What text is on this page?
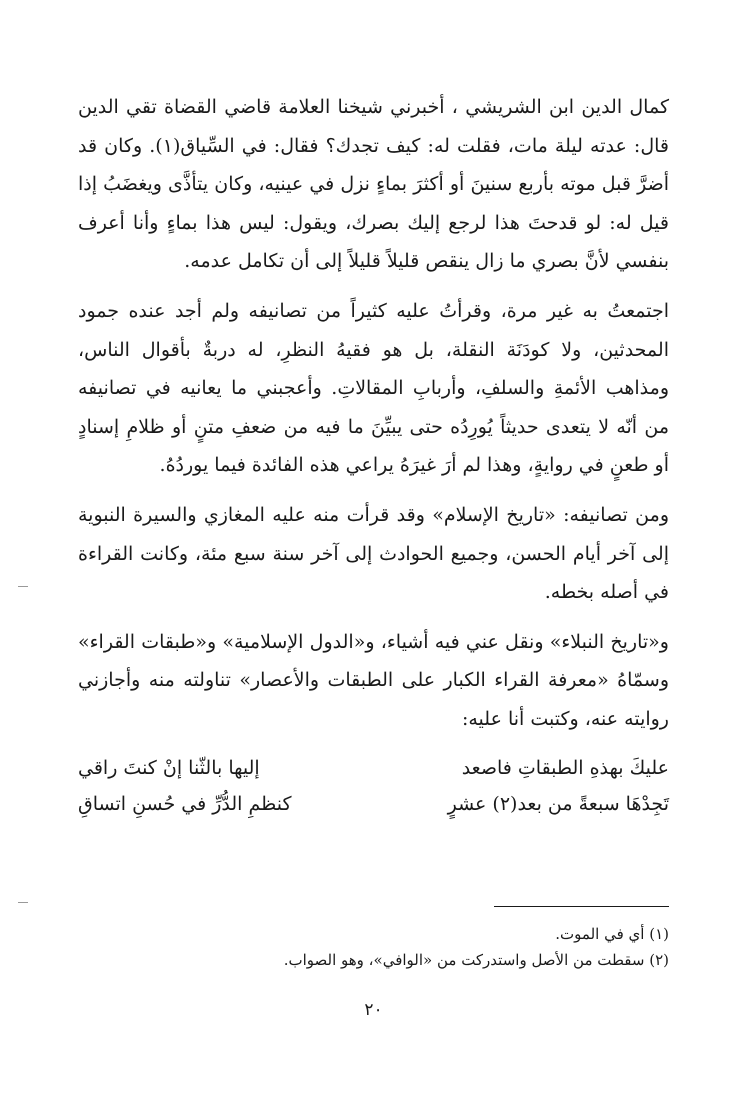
كمال الدين ابن الشريشي ، أخبرني شيخنا العلامة قاضي القضاة تقي الدين قال: عدته ليلة مات، فقلت له: كيف تجدك؟ فقال: في السِّياق(١). وكان قد أضرَّ قبل موته بأربع سنينَ أو أكثرَ بماءٍ نزل في عينيه، وكان يتأذَّى ويغضَبُ إذا قيل له: لو قدحتَ هذا لرجع إليك بصرك، ويقول: ليس هذا بماءٍ وأنا أعرف بنفسي لأنَّ بصري ما زال ينقص قليلاً قليلاً إلى أن تكامل عدمه.

اجتمعتُ به غير مرة، وقرأتُ عليه كثيراً من تصانيفه ولم أجد عنده جمود المحدثين، ولا كودَنَة النقلة، بل هو فقيهُ النظرِ، له دربةٌ بأقوال الناس، ومذاهب الأئمةِ والسلفِ، وأربابِ المقالاتِ. وأعجبني ما يعانيه في تصانيفه من أنّه لا يتعدى حديثاً يُورِدُه حتى يبيِّنَ ما فيه من ضعفِ متنٍ أو ظلامِ إسنادٍ أو طعنٍ في روايةٍ، وهذا لم أرَ غيرَهُ يراعي هذه الفائدة فيما يوردُهُ.

ومن تصانيفه: «تاريخ الإسلام» وقد قرأت منه عليه المغازي والسيرة النبوية إلى آخر أيام الحسن، وجميع الحوادث إلى آخر سنة سبع مئة، وكانت القراءة في أصله بخطه.

و«تاريخ النبلاء» ونقل عني فيه أشياء، و«الدول الإسلامية» و«طبقات القراء» وسمّاهُ «معرفة القراء الكبار على الطبقات والأعصار» تناولته منه وأجازني روايته عنه، وكتبت أنا عليه:

عليكَ بهذهِ الطبقاتِ فاصعد
إليها بالثّنا إنْ كنتَ راقي
تَجِدْهَا سبعةً من بعد(٢) عشرٍ
كنظمِ الدُّرِّ في حُسنِ اتساقِ

(١) أي في الموت.

(٢) سقطت من الأصل واستدركت من «الوافي»، وهو الصواب.

٢٠
